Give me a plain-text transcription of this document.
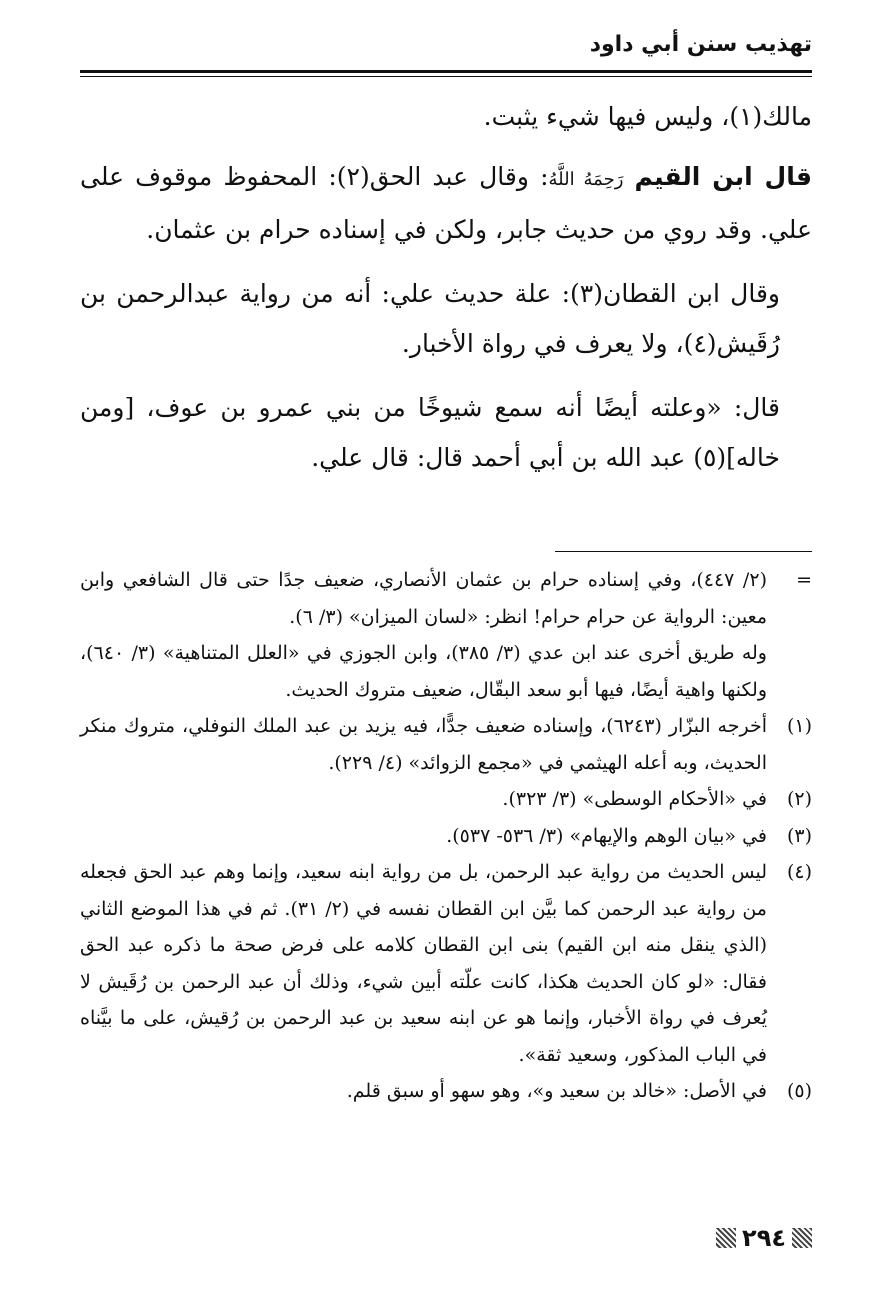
تهذيب سنن أبي داود

مالك(١)، وليس فيها شيء يثبت.

قال ابن القيم رَحِمَهُ اللَّهُ: وقال عبد الحق(٢): المحفوظ موقوف على علي. وقد روي من حديث جابر، ولكن في إسناده حرام بن عثمان.

وقال ابن القطان(٣): علة حديث علي: أنه من رواية عبدالرحمن بن رُقَيش(٤)، ولا يعرف في رواة الأخبار.

قال: «وعلته أيضًا أنه سمع شيوخًا من بني عمرو بن عوف، [ومن خاله](٥) عبد الله بن أبي أحمد قال: قال علي.

=
(٢/ ٤٤٧)، وفي إسناده حرام بن عثمان الأنصاري، ضعيف جدًا حتى قال الشافعي وابن معين: الرواية عن حرام حرام! انظر: «لسان الميزان» (٣/ ٦).
وله طريق أخرى عند ابن عدي (٣/ ٣٨٥)، وابن الجوزي في «العلل المتناهية» (٣/ ٦٤٠)، ولكنها واهية أيضًا، فيها أبو سعد البقّال، ضعيف متروك الحديث.
(١)
أخرجه البزّار (٦٢٤٣)، وإسناده ضعيف جدًّا، فيه يزيد بن عبد الملك النوفلي، متروك منكر الحديث، وبه أعله الهيثمي في «مجمع الزوائد» (٤/ ٢٢٩).
(٢)
في «الأحكام الوسطى» (٣/ ٣٢٣).
(٣)
في «بيان الوهم والإيهام» (٣/ ٥٣٦- ٥٣٧).
(٤)
ليس الحديث من رواية عبد الرحمن، بل من رواية ابنه سعيد، وإنما وهم عبد الحق فجعله من رواية عبد الرحمن كما بيَّن ابن القطان نفسه في (٢/ ٣١). ثم في هذا الموضع الثاني (الذي ينقل منه ابن القيم) بنى ابن القطان كلامه على فرض صحة ما ذكره عبد الحق فقال: «لو كان الحديث هكذا، كانت علّته أبين شيء، وذلك أن عبد الرحمن بن رُقَيش لا يُعرف في رواة الأخبار، وإنما هو عن ابنه سعيد بن عبد الرحمن بن رُقيش، على ما بيَّناه في الباب المذكور، وسعيد ثقة».
(٥)
في الأصل: «خالد بن سعيد و»، وهو سهو أو سبق قلم.
٢٩٤
